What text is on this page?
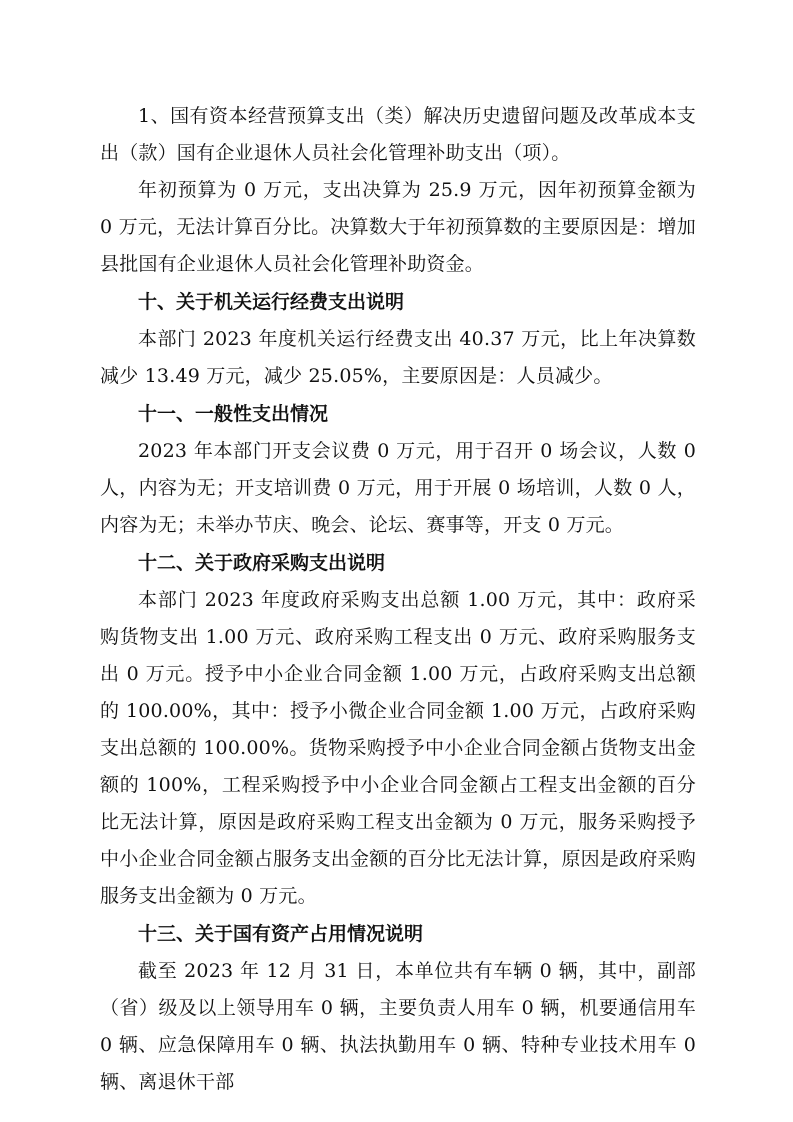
1、国有资本经营预算支出（类）解决历史遗留问题及改革成本支出（款）国有企业退休人员社会化管理补助支出（项）。

年初预算为 0 万元，支出决算为 25.9 万元，因年初预算金额为 0 万元，无法计算百分比。决算数大于年初预算数的主要原因是：增加县批国有企业退休人员社会化管理补助资金。

十、关于机关运行经费支出说明

本部门 2023 年度机关运行经费支出 40.37 万元，比上年决算数减少 13.49 万元，减少 25.05%，主要原因是：人员减少。

十一、一般性支出情况

2023 年本部门开支会议费 0 万元，用于召开 0 场会议，人数 0 人，内容为无；开支培训费 0 万元，用于开展 0 场培训，人数 0 人，内容为无；未举办节庆、晚会、论坛、赛事等，开支 0 万元。

十二、关于政府采购支出说明

本部门 2023 年度政府采购支出总额 1.00 万元，其中：政府采购货物支出 1.00 万元、政府采购工程支出 0 万元、政府采购服务支出 0 万元。授予中小企业合同金额 1.00 万元，占政府采购支出总额的 100.00%，其中：授予小微企业合同金额 1.00 万元，占政府采购支出总额的 100.00%。货物采购授予中小企业合同金额占货物支出金额的 100%，工程采购授予中小企业合同金额占工程支出金额的百分比无法计算，原因是政府采购工程支出金额为 0 万元，服务采购授予中小企业合同金额占服务支出金额的百分比无法计算，原因是政府采购服务支出金额为 0 万元。

十三、关于国有资产占用情况说明

截至 2023 年 12 月 31 日，本单位共有车辆 0 辆，其中，副部（省）级及以上领导用车 0 辆，主要负责人用车 0 辆，机要通信用车 0 辆、应急保障用车 0 辆、执法执勤用车 0 辆、特种专业技术用车 0 辆、离退休干部
